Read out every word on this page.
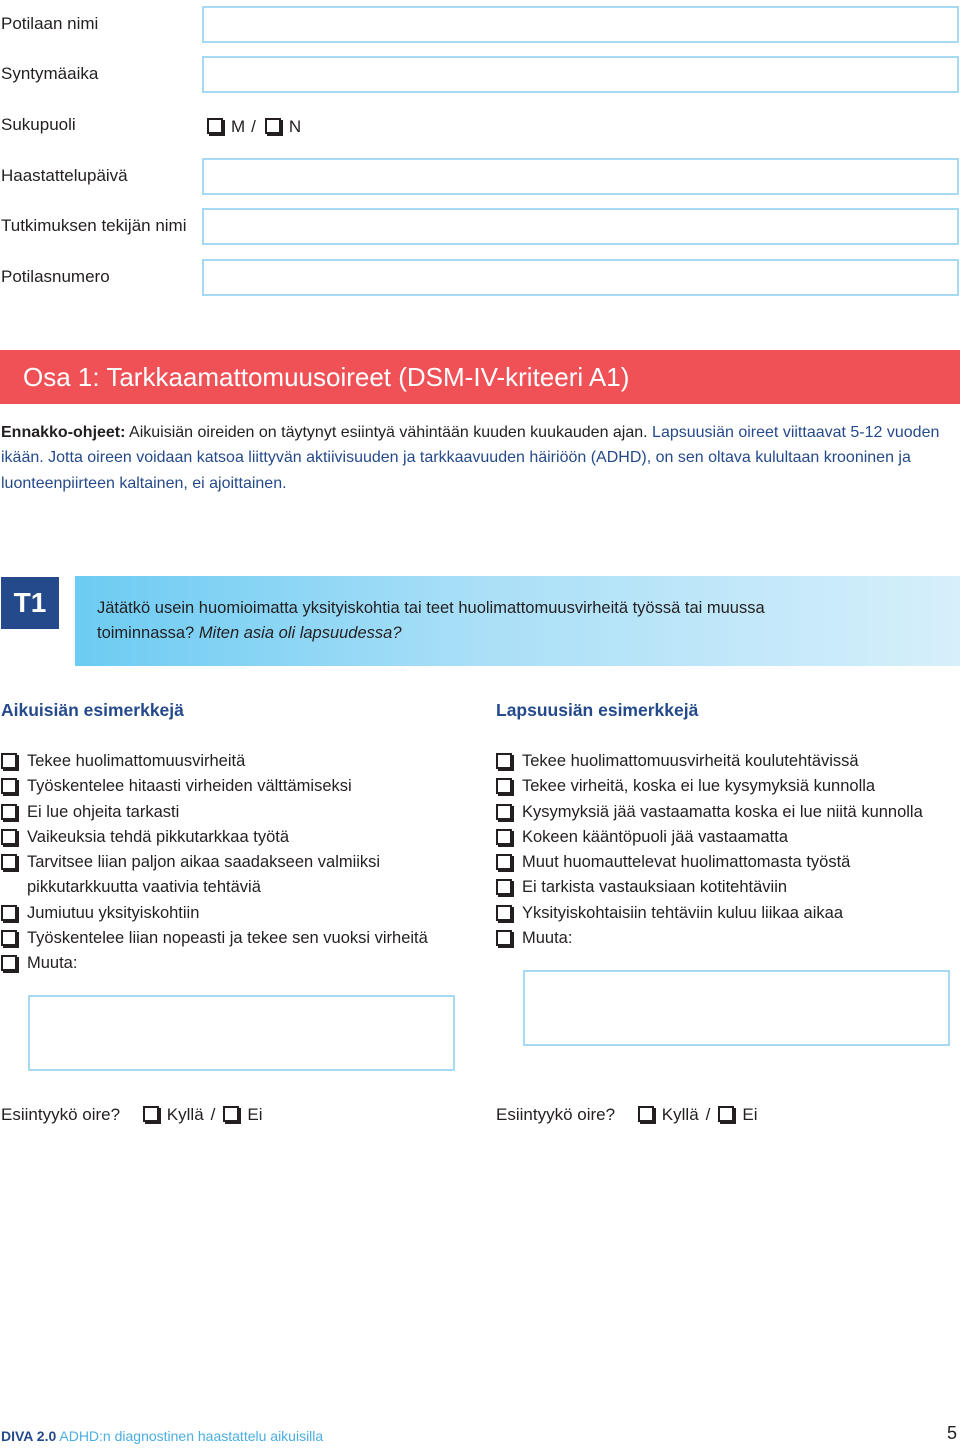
Potilaan nimi
Syntymäaika
Sukupuoli	M / N
Haastattelupäivä
Tutkimuksen tekijän nimi
Potilasnumero
Osa 1: Tarkkaamattomuusoireet (DSM-IV-kriteeri A1)

Ennakko-ohjeet: Aikuisiän oireiden on täytynyt esiintyä vähintään kuuden kuukauden ajan. Lapsuusiän oireet viittaavat 5-12 vuoden ikään. Jotta oireen voidaan katsoa liittyvän aktiivisuuden ja tarkkaavuuden häiriöön (ADHD), on sen oltava kulultaan krooninen ja luonteenpiirteen kaltainen, ei ajoittainen.

T1	Jätätkö usein huomioimatta yksityiskohtia tai teet huolimattomuusvirheitä työssä tai muussa toiminnassa? Miten asia oli lapsuudessa?
Aikuisiän esimerkkejä	Lapsuusiän esimerkkejä
Tekee huolimattomuusvirheitä
Työskentelee hitaasti virheiden välttämiseksi
Ei lue ohjeita tarkasti
Vaikeuksia tehdä pikkutarkkaa työtä
Tarvitsee liian paljon aikaa saadakseen valmiiksi pikkutarkkuutta vaativia tehtäviä
Jumiutuu yksityiskohtiin
Työskentelee liian nopeasti ja tekee sen vuoksi virheitä
Muuta:
Tekee huolimattomuusvirheitä koulutehtävissä
Tekee virheitä, koska ei lue kysymyksiä kunnolla
Kysymyksiä jää vastaamatta koska ei lue niitä kunnolla
Kokeen kääntöpuoli jää vastaamatta
Muut huomauttelevat huolimattomasta työstä
Ei tarkista vastauksiaan kotitehtäviin
Yksityiskohtaisiin tehtäviin kuluu liikaa aikaa
Muuta:
Esiintyykö oire?	Kyllä / Ei	Esiintyykö oire?	Kyllä / Ei
DIVA 2.0 ADHD:n diagnostinen haastattelu aikuisilla	5
